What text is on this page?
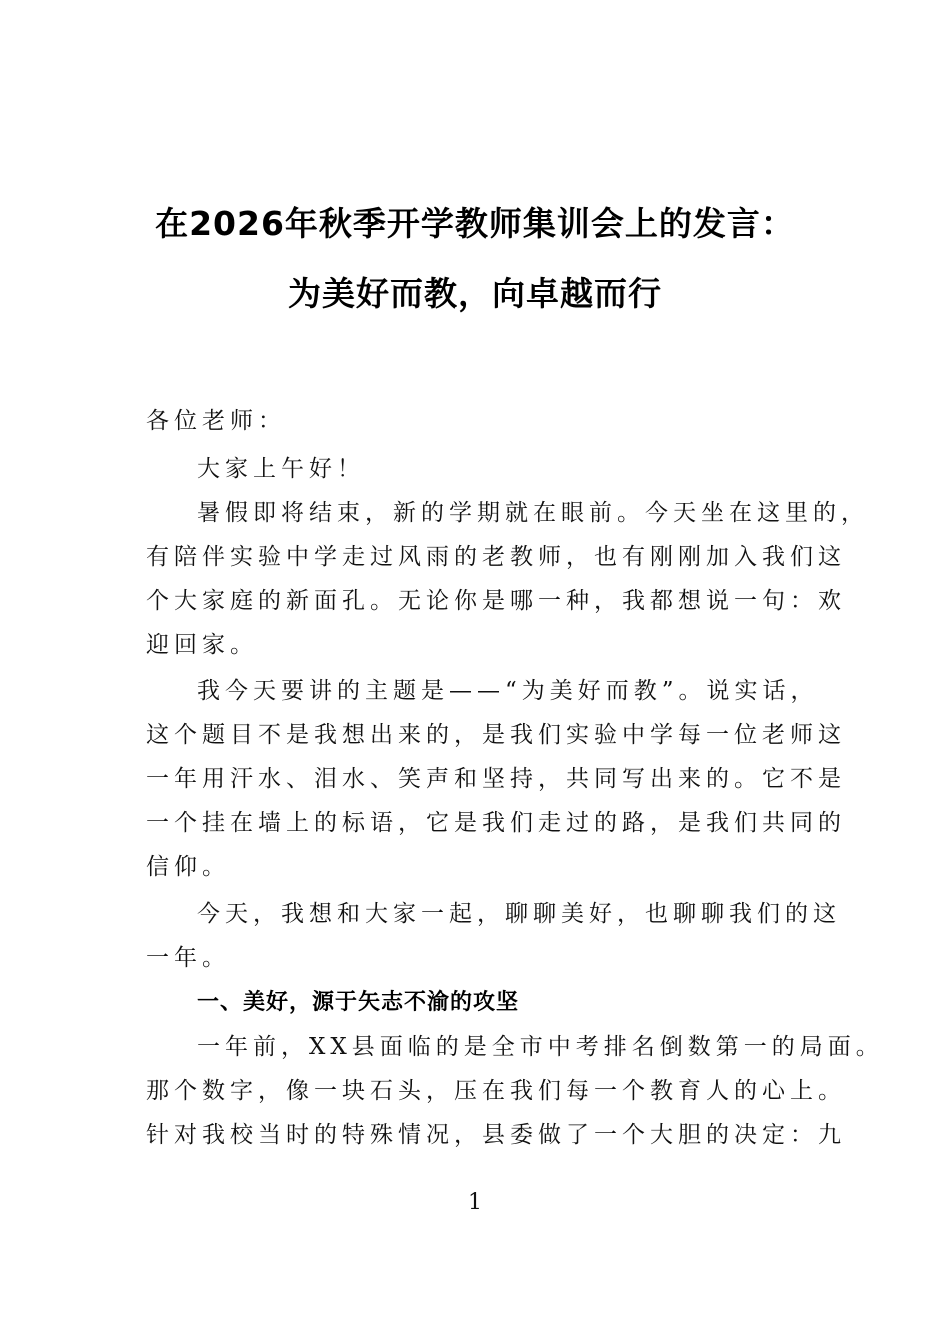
在2026年秋季开学教师集训会上的发言：
为美好而教，向卓越而行
各位老师：
大家上午好！
暑假即将结束，新的学期就在眼前。今天坐在这里的，
有陪伴实验中学走过风雨的老教师，也有刚刚加入我们这
个大家庭的新面孔。无论你是哪一种，我都想说一句：欢
迎回家。
我今天要讲的主题是——“为美好而教”。说实话，
这个题目不是我想出来的，是我们实验中学每一位老师这
一年用汗水、泪水、笑声和坚持，共同写出来的。它不是
一个挂在墙上的标语，它是我们走过的路，是我们共同的
信仰。
今天，我想和大家一起，聊聊美好，也聊聊我们的这
一年。
一、美好，源于矢志不渝的攻坚
一年前，XX县面临的是全市中考排名倒数第一的局面。
那个数字，像一块石头，压在我们每一个教育人的心上。
针对我校当时的特殊情况，县委做了一个大胆的决定：九
1
